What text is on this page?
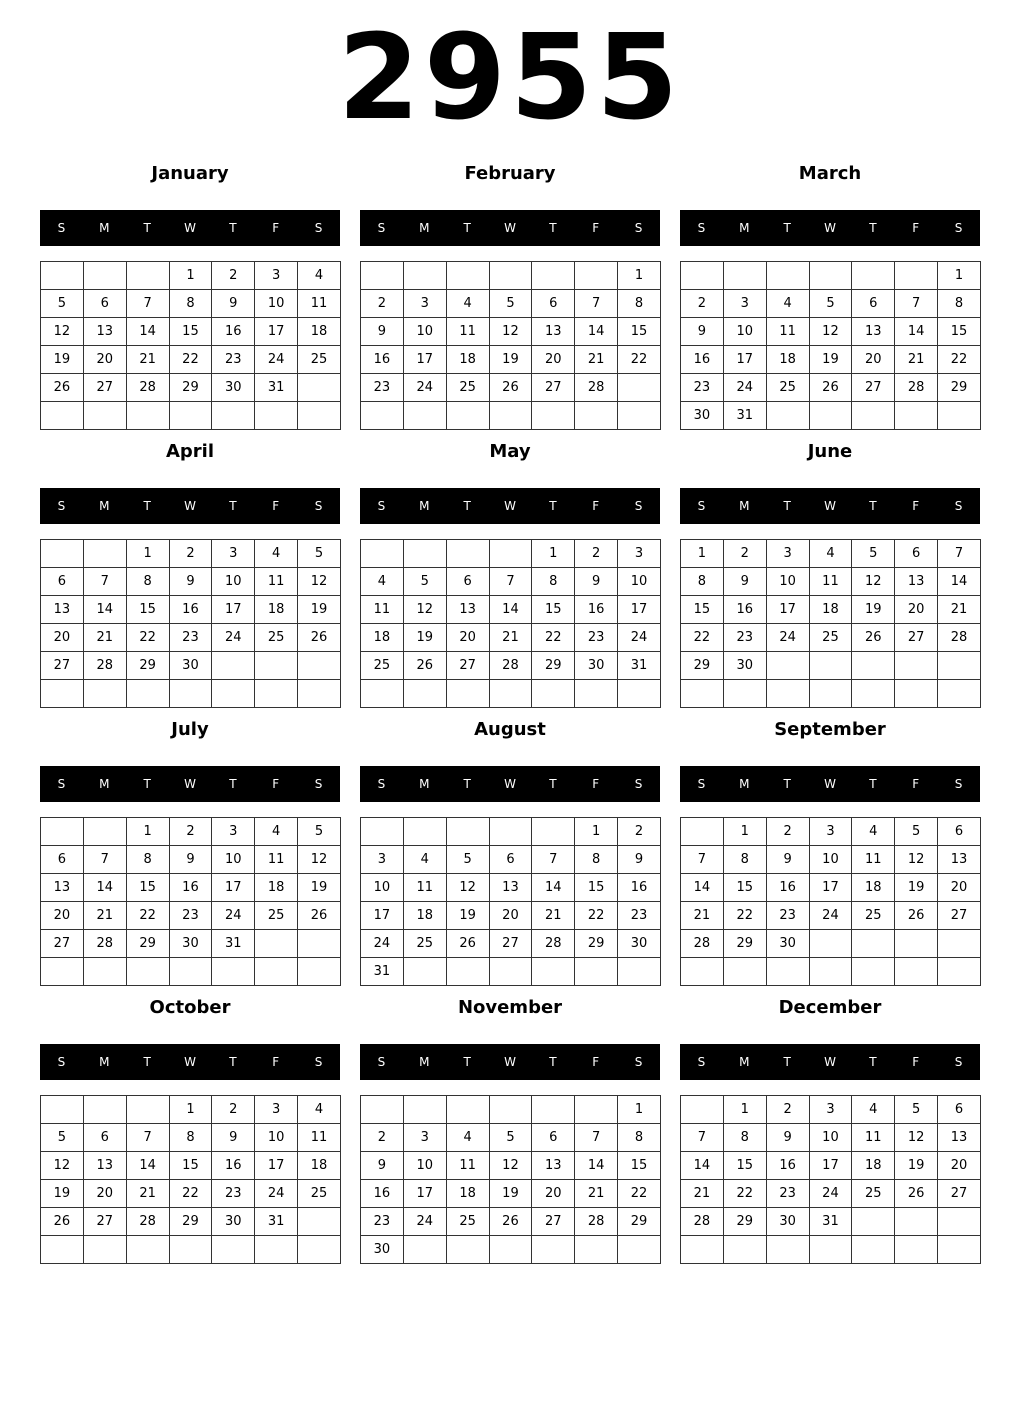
2955
January
S	M	T	W	T	F	S
			1	2	3	4
5	6	7	8	9	10	11
12	13	14	15	16	17	18
19	20	21	22	23	24	25
26	27	28	29	30	31	

February
S	M	T	W	T	F	S
						1
2	3	4	5	6	7	8
9	10	11	12	13	14	15
16	17	18	19	20	21	22
23	24	25	26	27	28	

March
S	M	T	W	T	F	S
						1
2	3	4	5	6	7	8
9	10	11	12	13	14	15
16	17	18	19	20	21	22
23	24	25	26	27	28	29
30	31					
April
S	M	T	W	T	F	S
		1	2	3	4	5
6	7	8	9	10	11	12
13	14	15	16	17	18	19
20	21	22	23	24	25	26
27	28	29	30			

May
S	M	T	W	T	F	S
				1	2	3
4	5	6	7	8	9	10
11	12	13	14	15	16	17
18	19	20	21	22	23	24
25	26	27	28	29	30	31

June
S	M	T	W	T	F	S
1	2	3	4	5	6	7
8	9	10	11	12	13	14
15	16	17	18	19	20	21
22	23	24	25	26	27	28
29	30					

July
S	M	T	W	T	F	S
		1	2	3	4	5
6	7	8	9	10	11	12
13	14	15	16	17	18	19
20	21	22	23	24	25	26
27	28	29	30	31		

August
S	M	T	W	T	F	S
					1	2
3	4	5	6	7	8	9
10	11	12	13	14	15	16
17	18	19	20	21	22	23
24	25	26	27	28	29	30
31						
September
S	M	T	W	T	F	S
	1	2	3	4	5	6
7	8	9	10	11	12	13
14	15	16	17	18	19	20
21	22	23	24	25	26	27
28	29	30				

October
S	M	T	W	T	F	S
			1	2	3	4
5	6	7	8	9	10	11
12	13	14	15	16	17	18
19	20	21	22	23	24	25
26	27	28	29	30	31	

November
S	M	T	W	T	F	S
						1
2	3	4	5	6	7	8
9	10	11	12	13	14	15
16	17	18	19	20	21	22
23	24	25	26	27	28	29
30						
December
S	M	T	W	T	F	S
	1	2	3	4	5	6
7	8	9	10	11	12	13
14	15	16	17	18	19	20
21	22	23	24	25	26	27
28	29	30	31			
